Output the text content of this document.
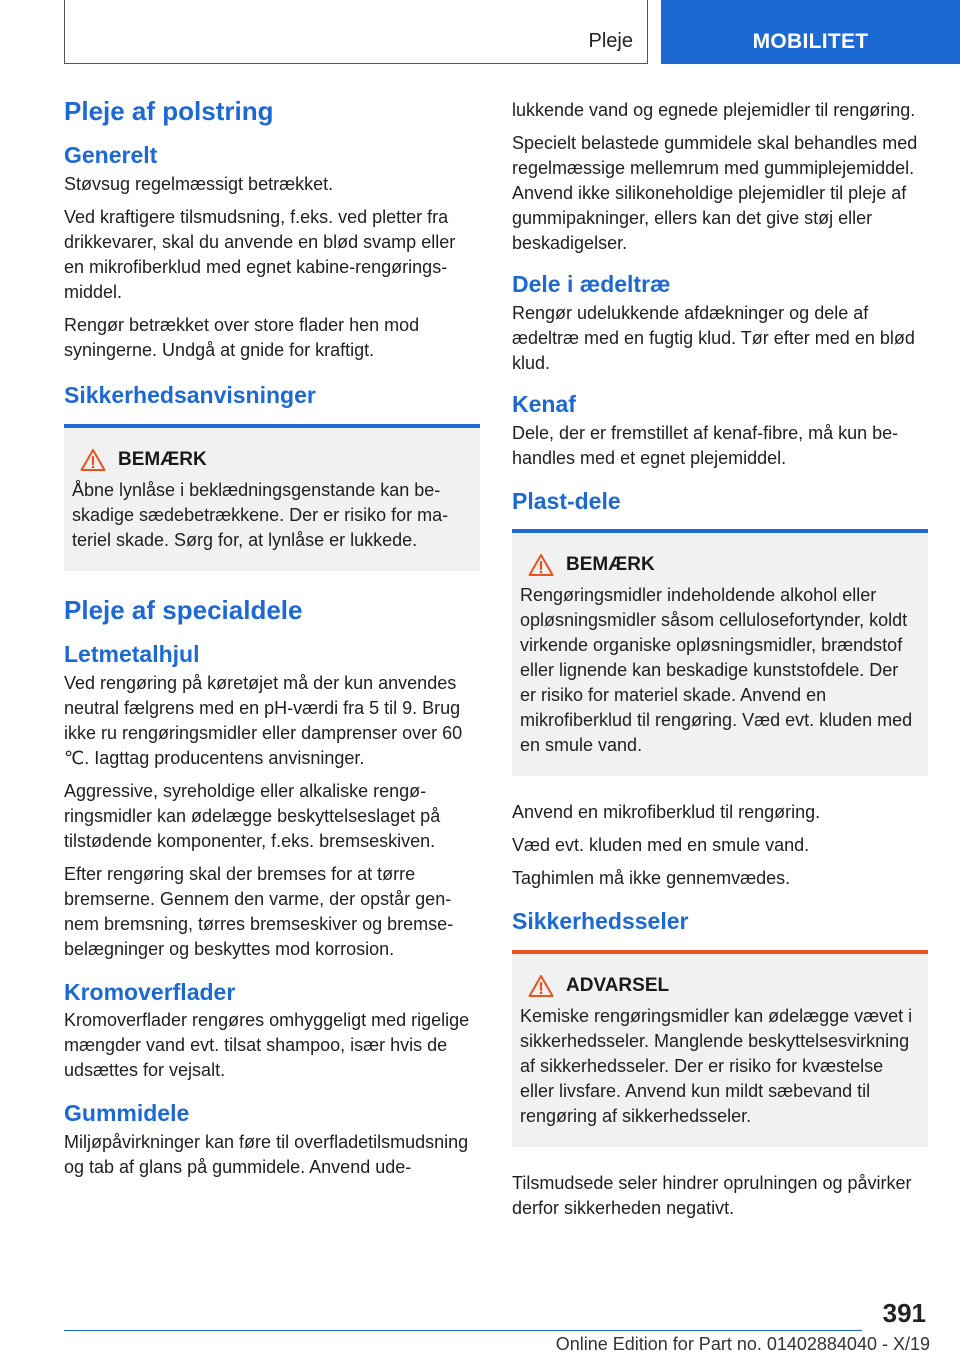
Pleje	MOBILITET
Pleje af polstring
Generelt

Støvsug regelmæssigt betrækket.

Ved kraftigere tilsmudsning, f.eks. ved pletter fra drikkevarer, skal du anvende en blød svamp eller en mikrofiberklud med egnet kabine-rengøringsmiddel.

Rengør betrækket over store flader hen mod syningerne. Undgå at gnide for kraftigt.

Sikkerhedsanvisninger
BEMÆRK

Åbne lynlåse i beklædningsgenstande kan beskadige sædebetrækkene. Der er risiko for materiel skade. Sørg for, at lynlåse er lukkede.

Pleje af specialdele
Letmetalhjul

Ved rengøring på køretøjet må der kun anvendes neutral fælgrens med en pH-værdi fra 5 til 9. Brug ikke ru rengøringsmidler eller damprenser over 60 ℃. Iagttag producentens anvisninger.

Aggressive, syreholdige eller alkaliske rengøringsmidler kan ødelægge beskyttelseslaget på tilstødende komponenter, f.eks. bremseskiven.

Efter rengøring skal der bremses for at tørre bremserne. Gennem den varme, der opstår gennem bremsning, tørres bremseskiver og bremsebelægninger og beskyttes mod korrosion.

Kromoverflader

Kromoverflader rengøres omhyggeligt med rigelige mængder vand evt. tilsat shampoo, især hvis de udsættes for vejsalt.

Gummidele

Miljøpåvirkninger kan føre til overfladetilsmudsning og tab af glans på gummidele. Anvend ude-

lukkende vand og egnede plejemidler til rengøring.

Specielt belastede gummidele skal behandles med regelmæssige mellemrum med gummiplejemiddel. Anvend ikke silikoneholdige plejemidler til pleje af gummipakninger, ellers kan det give støj eller beskadigelser.

Dele i ædeltræ

Rengør udelukkende afdækninger og dele af ædeltræ med en fugtig klud. Tør efter med en blød klud.

Kenaf

Dele, der er fremstillet af kenaf-fibre, må kun behandles med et egnet plejemiddel.

Plast-dele
BEMÆRK

Rengøringsmidler indeholdende alkohol eller opløsningsmidler såsom cellulosefortynder, koldt virkende organiske opløsningsmidler, brændstof eller lignende kan beskadige kunststofdele. Der er risiko for materiel skade. Anvend en mikrofiberklud til rengøring. Væd evt. kluden med en smule vand.

Anvend en mikrofiberklud til rengøring.

Væd evt. kluden med en smule vand.

Taghimlen må ikke gennemvædes.

Sikkerhedsseler
ADVARSEL

Kemiske rengøringsmidler kan ødelægge vævet i sikkerhedsseler. Manglende beskyttelsesvirkning af sikkerhedsseler. Der er risiko for kvæstelse eller livsfare. Anvend kun mildt sæbevand til rengøring af sikkerhedsseler.

Tilsmudsede seler hindrer oprulningen og påvirker derfor sikkerheden negativt.

391
Online Edition for Part no. 01402884040 - X/19
